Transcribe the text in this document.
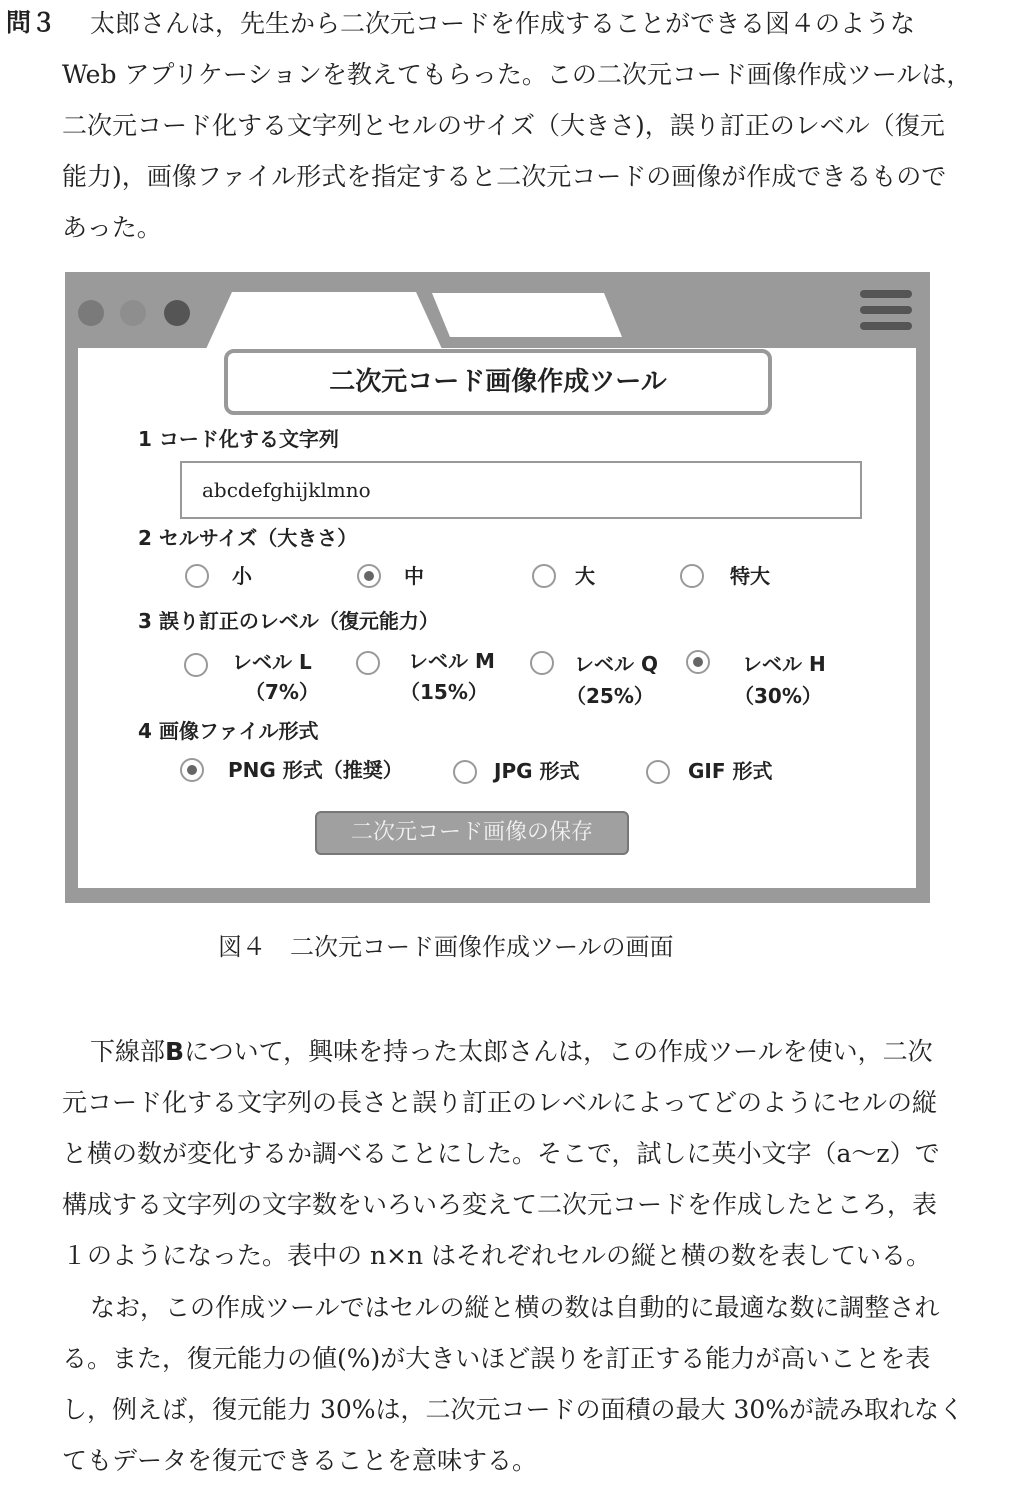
問３	太郎さんは，先生から二次元コードを作成することができる図４のような
Web アプリケーションを教えてもらった。この二次元コード画像作成ツールは，
二次元コード化する文字列とセルのサイズ（大きさ)，誤り訂正のレベル（復元
能力)，画像ファイル形式を指定すると二次元コードの画像が作成できるもので
あった。
二次元コード画像作成ツール
1 コード化する文字列
abcdefghijklmno
2 セルサイズ（大きさ）
小	中	大	特大
3 誤り訂正のレベル（復元能力）
レベル L
（7%）
レベル M
（15%）
レベル Q
（25%）
レベル H
（30%）
4 画像ファイル形式
PNG 形式（推奨）	JPG 形式	GIF 形式
二次元コード画像の保存
図４　二次元コード画像作成ツールの画面
下線部Bについて，興味を持った太郎さんは，この作成ツールを使い，二次
元コード化する文字列の長さと誤り訂正のレベルによってどのようにセルの縦
と横の数が変化するか調べることにした。そこで，試しに英小文字（a〜z）で
構成する文字列の文字数をいろいろ変えて二次元コードを作成したところ，表
１のようになった。表中の n×n はそれぞれセルの縦と横の数を表している。
なお，この作成ツールではセルの縦と横の数は自動的に最適な数に調整され
る。また，復元能力の値(%)が大きいほど誤りを訂正する能力が高いことを表
し，例えば，復元能力 30%は，二次元コードの面積の最大 30%が読み取れなく
てもデータを復元できることを意味する。
